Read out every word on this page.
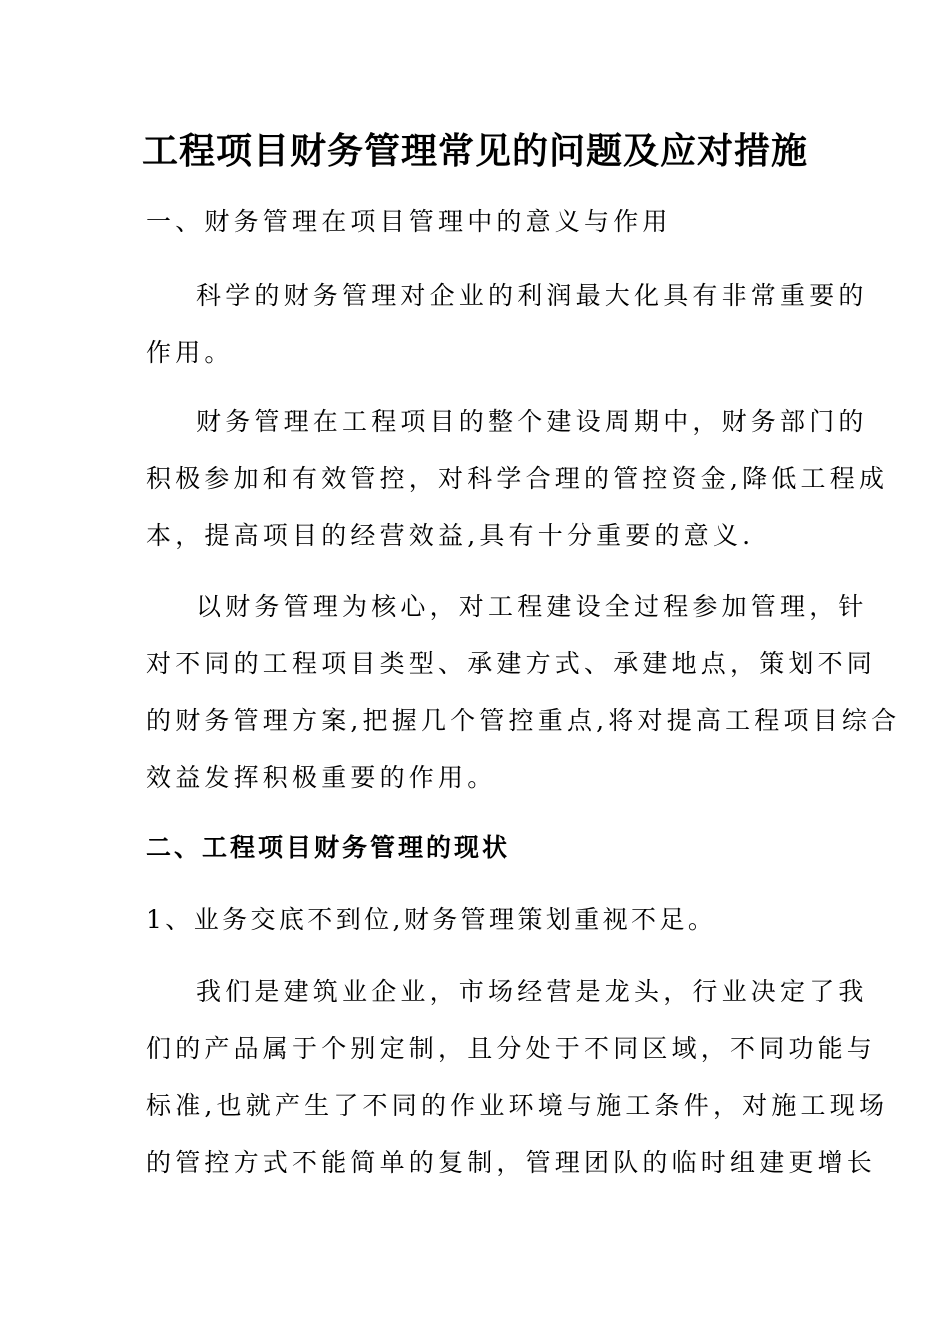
工程项目财务管理常见的问题及应对措施
一、财务管理在项目管理中的意义与作用
科学的财务管理对企业的利润最大化具有非常重要的
作用。
财务管理在工程项目的整个建设周期中，财务部门的
积极参加和有效管控，对科学合理的管控资金,降低工程成
本，提高项目的经营效益,具有十分重要的意义.
以财务管理为核心，对工程建设全过程参加管理，针
对不同的工程项目类型、承建方式、承建地点，策划不同
的财务管理方案,把握几个管控重点,将对提高工程项目综合
效益发挥积极重要的作用。
二、工程项目财务管理的现状
1、业务交底不到位,财务管理策划重视不足。
我们是建筑业企业，市场经营是龙头，行业决定了我
们的产品属于个别定制，且分处于不同区域，不同功能与
标准,也就产生了不同的作业环境与施工条件，对施工现场
的管控方式不能简单的复制，管理团队的临时组建更增长
